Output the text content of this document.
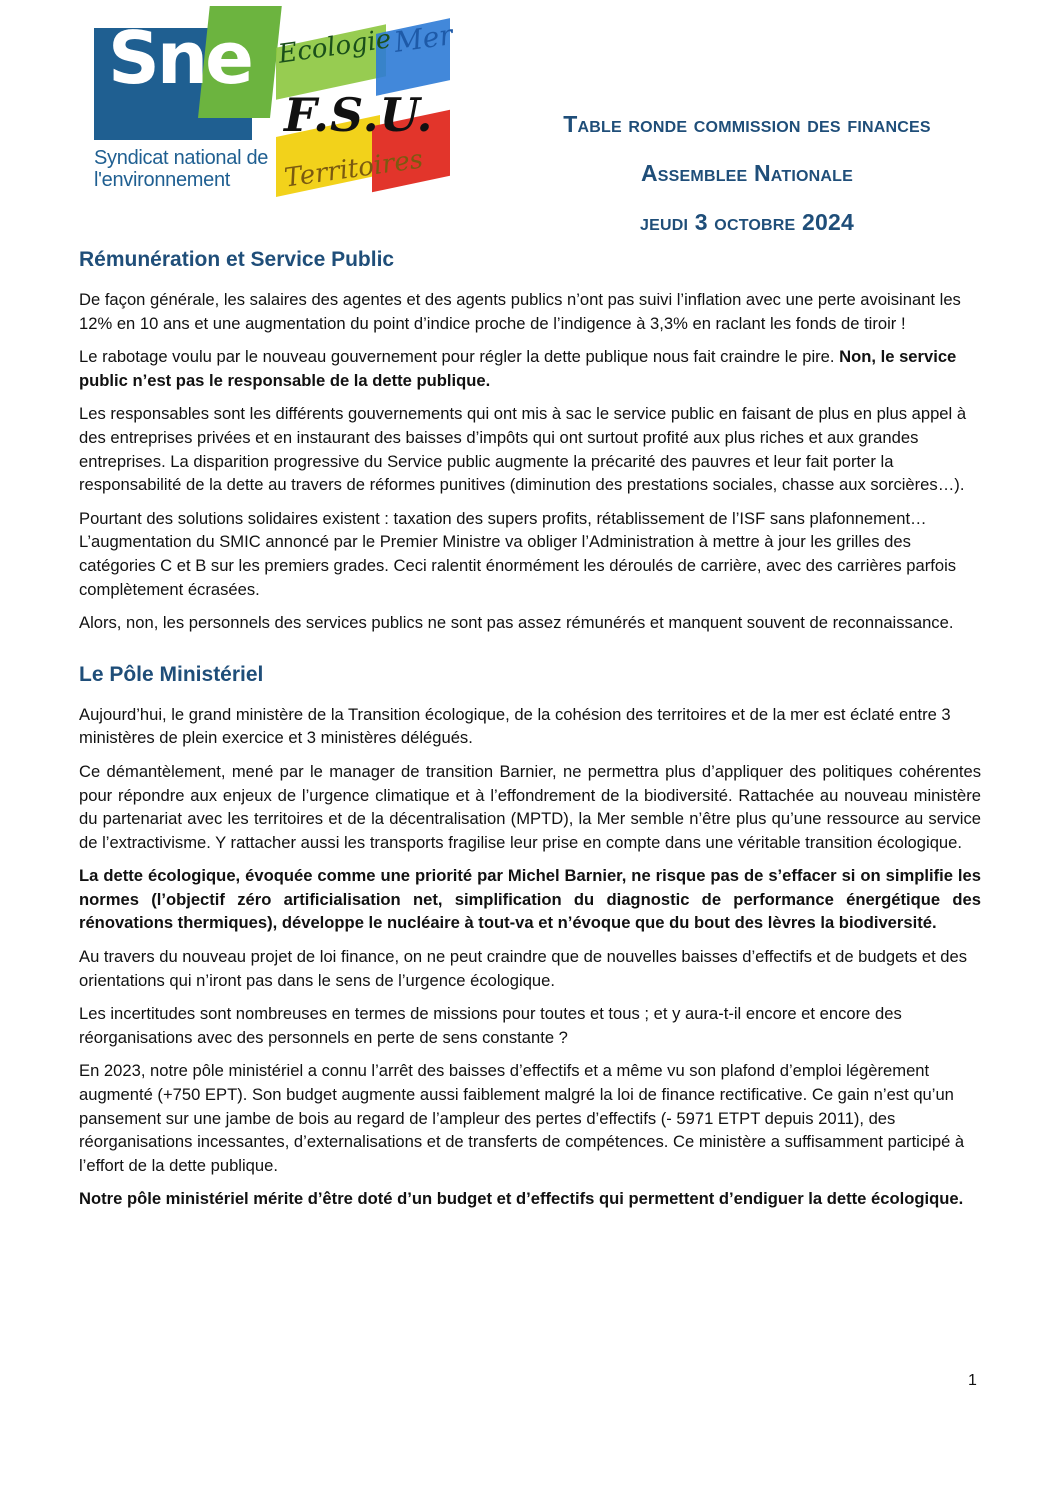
Sne
Syndicat national de
l'environnement
Ecologie
Mer
F.S.U.
Territoires
Table ronde commission des finances
Assemblee Nationale
jeudi 3 octobre 2024
Rémunération et Service Public

De façon générale, les salaires des agentes et des agents publics n’ont pas suivi l’inflation avec une perte avoisinant les 12% en 10 ans et une augmentation du point d’indice proche de l’indigence à 3,3% en raclant les fonds de tiroir !

Le rabotage voulu par le nouveau gouvernement pour régler la dette publique nous fait craindre le pire. Non, le service public n’est pas le responsable de la dette publique.

Les responsables sont les différents gouvernements qui ont mis à sac le service public en faisant de plus en plus appel à des entreprises privées et en instaurant des baisses d’impôts qui ont surtout profité aux plus riches et aux grandes entreprises. La disparition progressive du Service public augmente la précarité des pauvres et leur fait porter la responsabilité de la dette au travers de réformes punitives (diminution des prestations sociales, chasse aux sorcières…).

Pourtant des solutions solidaires existent : taxation des supers profits, rétablissement de l’ISF sans plafonnement… L’augmentation du SMIC annoncé par le Premier Ministre va obliger l’Administration à mettre à jour les grilles des catégories C et B sur les premiers grades. Ceci ralentit énormément les déroulés de carrière, avec des carrières parfois complètement écrasées.

Alors, non, les personnels des services publics ne sont pas assez rémunérés et manquent souvent de reconnaissance.

Le Pôle Ministériel

Aujourd’hui, le grand ministère de la Transition écologique, de la cohésion des territoires et de la mer est éclaté entre 3 ministères de plein exercice et 3 ministères délégués.

Ce démantèlement, mené par le manager de transition Barnier, ne permettra plus d’appliquer des politiques cohérentes pour répondre aux enjeux de l’urgence climatique et à l’effondrement de la biodiversité. Rattachée au nouveau ministère du partenariat avec les territoires et de la décentralisation (MPTD), la Mer semble n’être plus qu’une ressource au service de l’extractivisme. Y rattacher aussi les transports fragilise leur prise en compte dans une véritable transition écologique.

La dette écologique, évoquée comme une priorité par Michel Barnier, ne risque pas de s’effacer si on simplifie les normes (l’objectif zéro artificialisation net, simplification du diagnostic de performance énergétique des rénovations thermiques), développe le nucléaire à tout-va et n’évoque que du bout des lèvres la biodiversité.

Au travers du nouveau projet de loi finance, on ne peut craindre que de nouvelles baisses d’effectifs et de budgets et des orientations qui n’iront pas dans le sens de l’urgence écologique.

Les incertitudes sont nombreuses en termes de missions pour toutes et tous ; et y aura-t-il encore et encore des réorganisations avec des personnels en perte de sens constante ?

En 2023, notre pôle ministériel a connu l’arrêt des baisses d’effectifs et a même vu son plafond d’emploi légèrement augmenté (+750 EPT). Son budget augmente aussi faiblement malgré la loi de finance rectificative. Ce gain n’est qu’un pansement sur une jambe de bois au regard de l’ampleur des pertes d’effectifs (- 5971 ETPT depuis 2011), des réorganisations incessantes, d’externalisations et de transferts de compétences. Ce ministère a suffisamment participé à l’effort de la dette publique.

Notre pôle ministériel mérite d’être doté d’un budget et d’effectifs qui permettent d’endiguer la dette écologique.

1
